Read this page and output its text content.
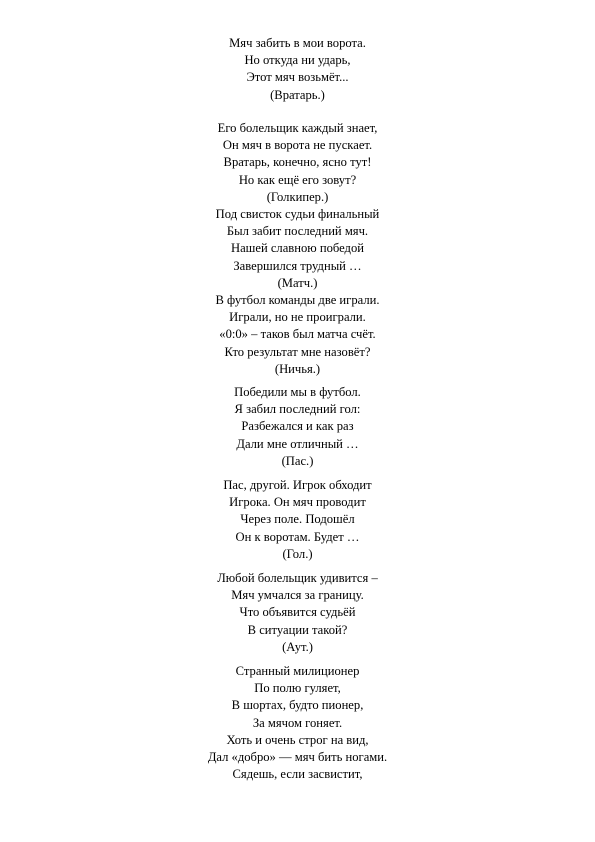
Мяч забить в мои ворота.
Но откуда ни ударь,
Этот мяч возьмёт...
(Вратарь.)
Его болельщик каждый знает,
Он мяч в ворота не пускает.
Вратарь, конечно, ясно тут!
Но как ещё его зовут?
(Голкипер.)
Под свисток судьи финальный
Был забит последний мяч.
Нашей славною победой
Завершился трудный …
(Матч.)
В футбол команды две играли.
Играли, но не проиграли.
«0:0» – таков был матча счёт.
Кто результат мне назовёт?
(Ничья.)
Победили мы в футбол.
Я забил последний гол:
Разбежался и как раз
Дали мне отличный …
(Пас.)
Пас, другой. Игрок обходит
Игрока. Он мяч проводит
Через поле. Подошёл
Он к воротам. Будет …
(Гол.)
Любой болельщик удивится –
Мяч умчался за границу.
Что объявится судьёй
В ситуации такой?
(Аут.)
Странный милиционер
По полю гуляет,
В шортах, будто пионер,
За мячом гоняет.
Хоть и очень строг на вид,
Дал «добро» — мяч бить ногами.
Сядешь, если засвистит,
